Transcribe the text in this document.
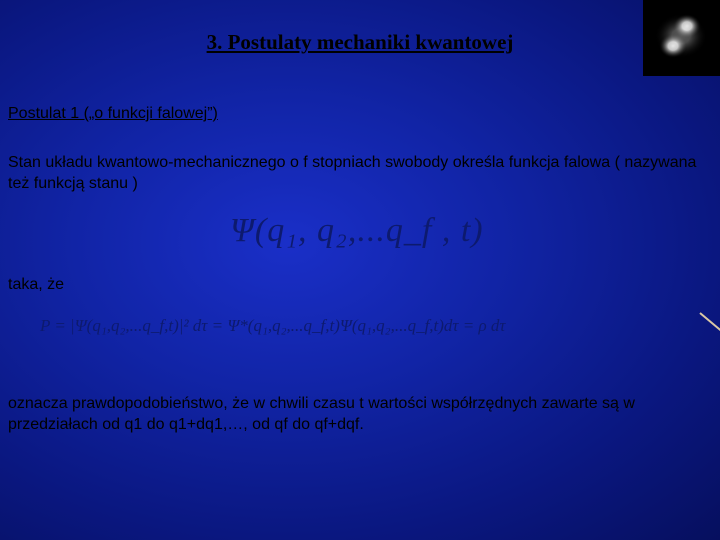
3. Postulaty mechaniki kwantowej
Postulat 1 („o funkcji falowej”)
Stan układu kwantowo-mechanicznego o f stopniach swobody określa funkcja falowa ( nazywana też funkcją stanu )
Ψ(q₁, q₂,...q_f , t)
taka, że
P = |Ψ(q₁,q₂,...q_f,t)|² dτ = Ψ*(q₁,q₂,...q_f,t)Ψ(q₁,q₂,...q_f,t)dτ = ρ dτ
oznacza prawdopodobieństwo, że w chwili czasu t wartości współrzędnych zawarte są w przedziałach od q1 do q1+dq1,…, od qf do qf+dqf.
